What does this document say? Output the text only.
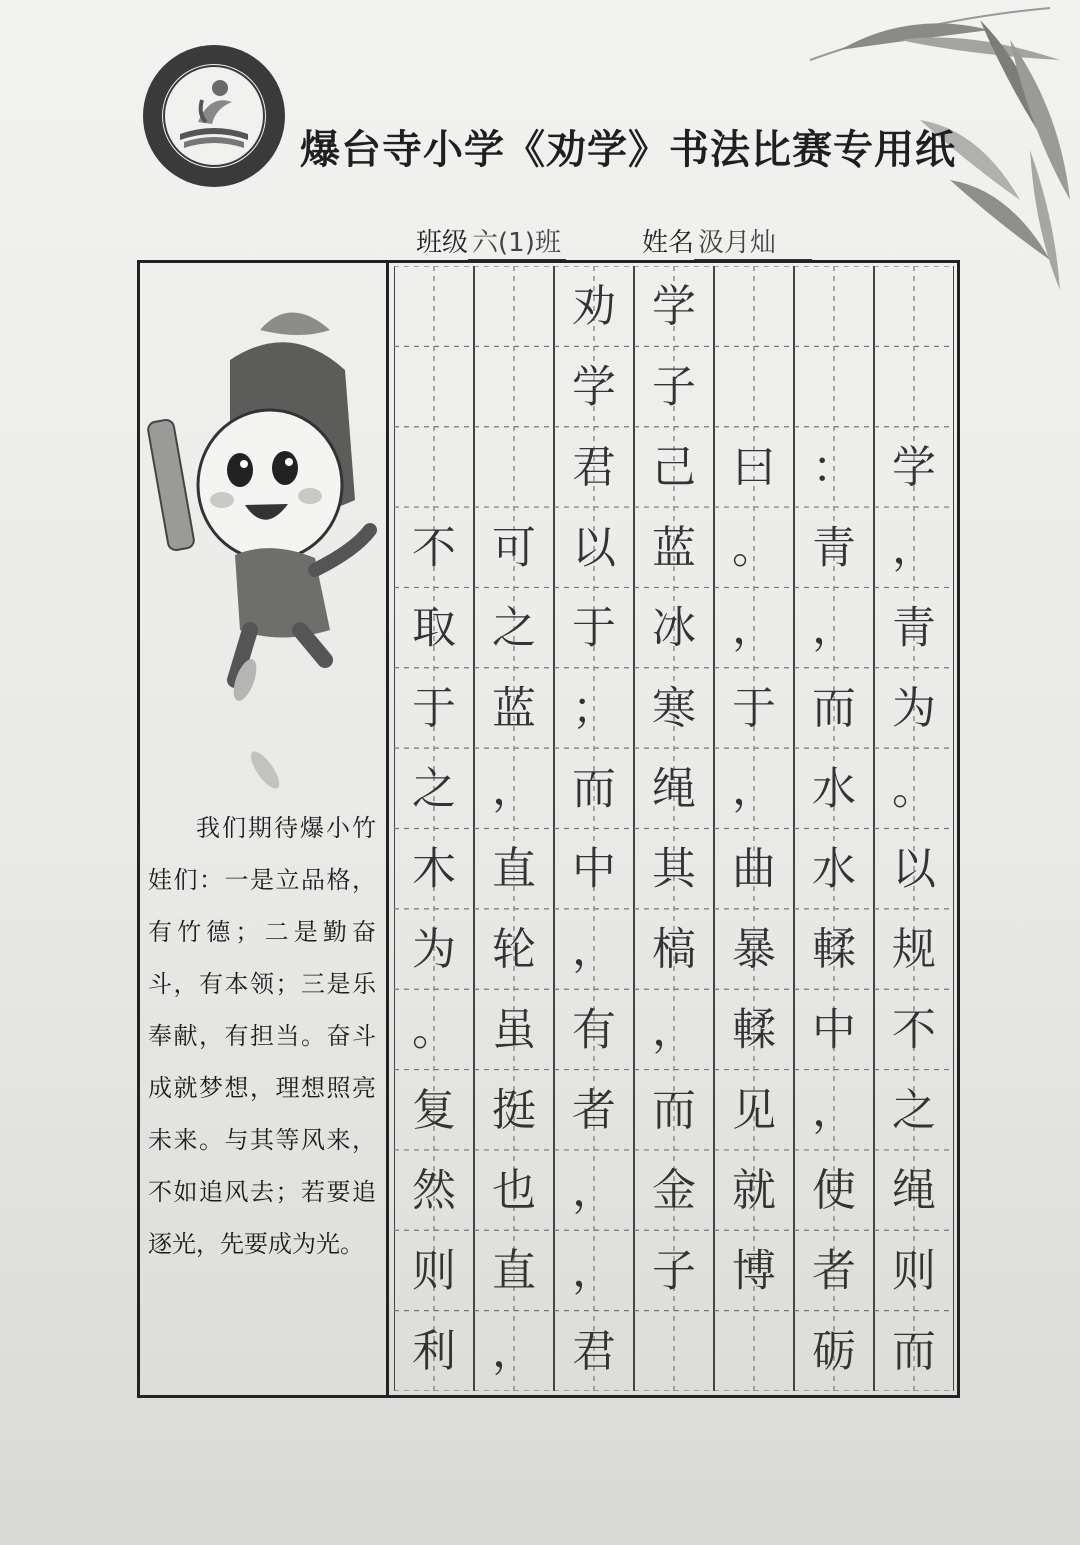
爆台寺小学《劝学》书法比赛专用纸
班级 六(1)班	姓名 汲月灿
我们期待爆小竹娃们：一是立品格，有竹德；二是勤奋斗，有本领；三是乐奉献，有担当。奋斗成就梦想，理想照亮未来。与其等风来，不如追风去；若要追逐光，先要成为光。
学
，
青
为
。
以
规
不
之
绳
则
而
：
青
，
而
水
水
輮
中
，
使
者
砺
曰
。
，
于
，
曲
暴
輮
见
就
博
学
子
己
蓝
冰
寒
绳
其
槁
，
而
金
子
劝
学
君
以
于
；
而
中
，
有
者
，
，
君
可
之
蓝
，
直
轮
虽
挺
也
直
，
不
取
于
之
木
为
。
复
然
则
利
